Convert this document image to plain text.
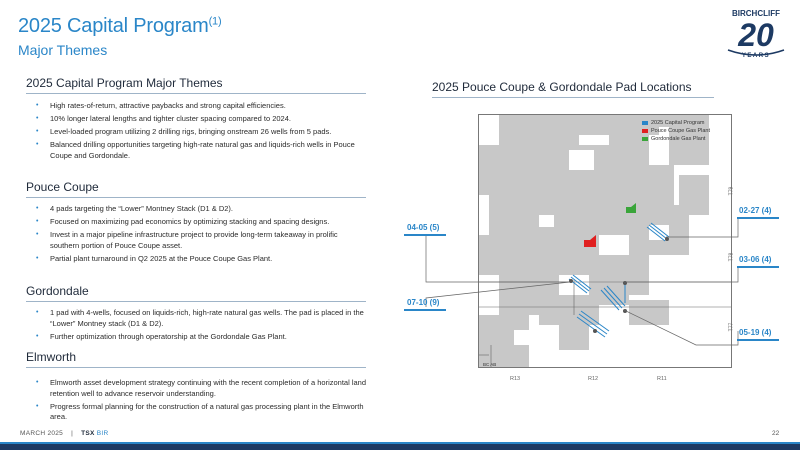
2025 Capital Program$^{(1)}$
Major Themes
BIRCHCLIFF
20
YEARS
2025 Capital Program Major Themes
• High rates-of-return, attractive paybacks and strong capital efficiencies.
• 10% longer lateral lengths and tighter cluster spacing compared to 2024.
• Level-loaded program utilizing 2 drilling rigs, bringing onstream 26 wells from 5 pads.
• Balanced drilling opportunities targeting high-rate natural gas and liquids-rich wells in Pouce Coupe and Gordondale.
Pouce Coupe
• 4 pads targeting the “Lower” Montney Stack (D1 & D2).
• Focused on maximizing pad economics by optimizing stacking and spacing designs.
• Invest in a major pipeline infrastructure project to provide long-term takeaway in prolific southern portion of Pouce Coupe asset.
• Partial plant turnaround in Q2 2025 at the Pouce Coupe Gas Plant.
Gordondale
• 1 pad with 4-wells, focused on liquids-rich, high-rate natural gas wells. The pad is placed in the “Lower” Montney stack (D1 & D2).
• Further optimization through operatorship at the Gordondale Gas Plant.
Elmworth
• Elmworth asset development strategy continuing with the recent completion of a horizontal land retention well to advance reservoir understanding.
• Progress formal planning for the construction of a natural gas processing plant in the Elmworth area.
2025 Pouce Coupe & Gordondale Pad Locations
2025 Capital Program
Pouce Coupe Gas Plant
Gordondale Gas Plant
04-05 (5)
07-10 (9)
02-27 (4)
03-06 (4)
05-19 (4)
T79
T78
T77
R13	R12	R11
BC AB
MARCH 2025 | TSX BIR	22
